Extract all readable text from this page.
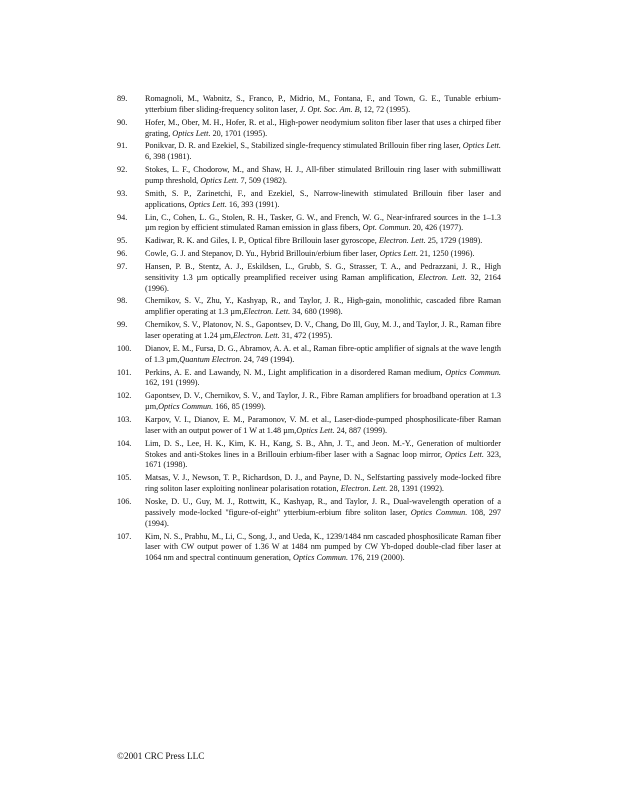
89.	Romagnoli, M., Wabnitz, S., Franco, P., Midrio, M., Fontana, F., and Town, G. E., Tunable erbium-ytterbium fiber sliding-frequency soliton laser, J. Opt. Soc. Am. B, 12, 72 (1995).
90.	Hofer, M., Ober, M. H., Hofer, R. et al., High-power neodymium soliton fiber laser that uses a chirped fiber grating, Optics Lett. 20, 1701 (1995).
91.	Ponikvar, D. R. and Ezekiel, S., Stabilized single-frequency stimulated Brillouin fiber ring laser, Optics Lett. 6, 398 (1981).
92.	Stokes, L. F., Chodorow, M., and Shaw, H. J., All-fiber stimulated Brillouin ring laser with submilliwatt pump threshold, Optics Lett. 7, 509 (1982).
93.	Smith, S. P., Zarinetchi, F., and Ezekiel, S., Narrow-linewith stimulated Brillouin fiber laser and applications, Optics Lett. 16, 393 (1991).
94.	Lin, C., Cohen, L. G., Stolen, R. H., Tasker, G. W., and French, W. G., Near-infrared sources in the 1–1.3 µm region by efficient stimulated Raman emission in glass fibers, Opt. Commun. 20, 426 (1977).
95.	Kadiwar, R. K. and Giles, I. P., Optical fibre Brillouin laser gyroscope, Electron. Lett. 25, 1729 (1989).
96.	Cowle, G. J. and Stepanov, D. Yu., Hybrid Brillouin/erbium fiber laser, Optics Lett. 21, 1250 (1996).
97.	Hansen, P. B., Stentz, A. J., Eskildsen, L., Grubb, S. G., Strasser, T. A., and Pedrazzani, J. R., High sensitivity 1.3 µm optically preamplified receiver using Raman amplification, Electron. Lett. 32, 2164 (1996).
98.	Chernikov, S. V., Zhu, Y., Kashyap, R., and Taylor, J. R., High-gain, monolithic, cascaded fibre Raman amplifier operating at 1.3 µm,Electron. Lett. 34, 680 (1998).
99.	Chernikov, S. V., Platonov, N. S., Gapontsev, D. V., Chang, Do Ill, Guy, M. J., and Taylor, J. R., Raman fibre laser operating at 1.24 µm,Electron. Lett. 31, 472 (1995).
100.	Dianov, E. M., Fursa, D. G., Abramov, A. A. et al., Raman fibre-optic amplifier of signals at the wave length of 1.3 µm,Quantum Electron. 24, 749 (1994).
101.	Perkins, A. E. and Lawandy, N. M., Light amplification in a disordered Raman medium, Optics Commun. 162, 191 (1999).
102.	Gapontsev, D. V., Chernikov, S. V., and Taylor, J. R., Fibre Raman amplifiers for broadband operation at 1.3 µm,Optics Commun. 166, 85 (1999).
103.	Karpov, V. I., Dianov, E. M., Paramonov, V. M. et al., Laser-diode-pumped phosphosilicate-fiber Raman laser with an output power of 1 W at 1.48 µm,Optics Lett. 24, 887 (1999).
104.	Lim, D. S., Lee, H. K., Kim, K. H., Kang, S. B., Ahn, J. T., and Jeon. M.-Y., Generation of multiorder Stokes and anti-Stokes lines in a Brillouin erbium-fiber laser with a Sagnac loop mirror, Optics Lett. 323, 1671 (1998).
105.	Matsas, V. J., Newson, T. P., Richardson, D. J., and Payne, D. N., Selfstarting passively mode-locked fibre ring soliton laser exploiting nonlinear polarisation rotation, Electron. Lett. 28, 1391 (1992).
106.	Noske, D. U., Guy, M. J., Rottwitt, K., Kashyap, R., and Taylor, J. R., Dual-wavelength operation of a passively mode-locked "figure-of-eight" ytterbium-erbium fibre soliton laser, Optics Commun. 108, 297 (1994).
107.	Kim, N. S., Prabhu, M., Li, C., Song, J., and Ueda, K., 1239/1484 nm cascaded phosphosilicate Raman fiber laser with CW output power of 1.36 W at 1484 nm pumped by CW Yb-doped double-clad fiber laser at 1064 nm and spectral continuum generation, Optics Commun. 176, 219 (2000).
©2001 CRC Press LLC
